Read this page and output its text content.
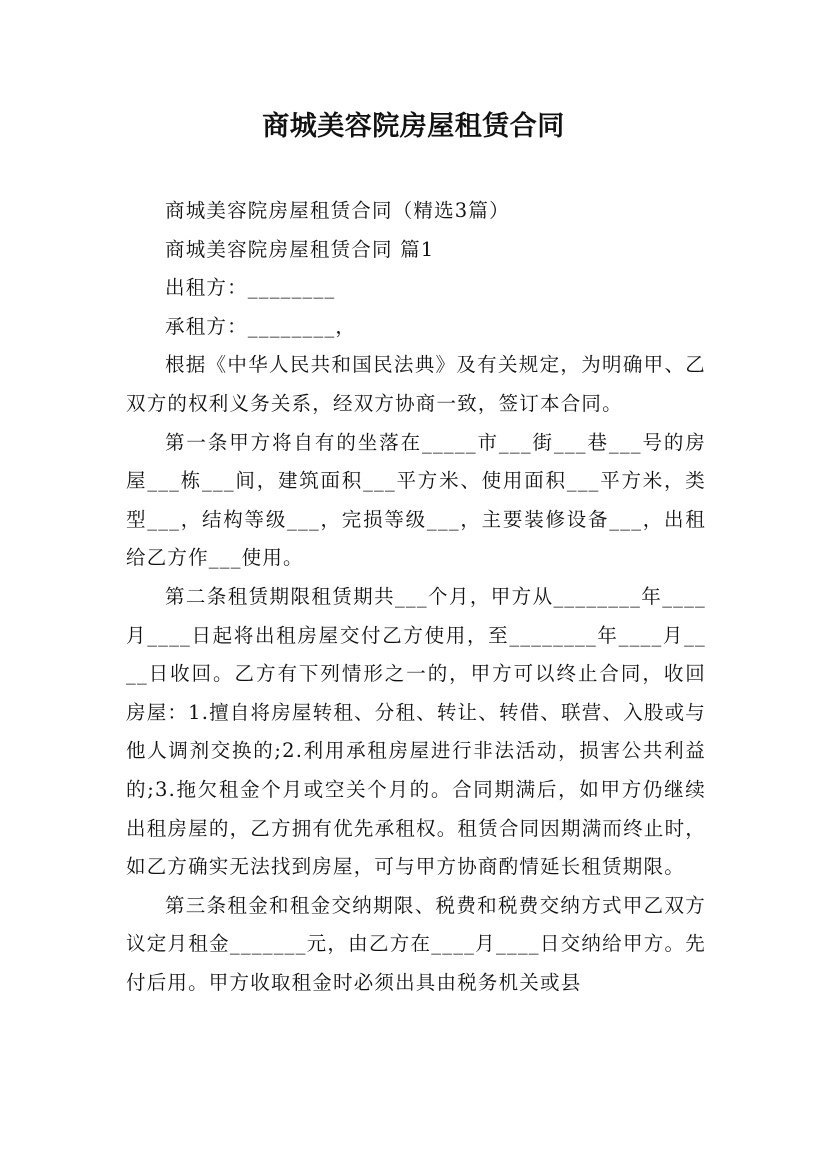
商城美容院房屋租赁合同

商城美容院房屋租赁合同（精选3篇）

商城美容院房屋租赁合同 篇1

出租方：________

承租方：________，

根据《中华人民共和国民法典》及有关规定，为明确甲、乙双方的权利义务关系，经双方协商一致，签订本合同。

第一条甲方将自有的坐落在_____市___街___巷___号的房屋___栋___间，建筑面积___平方米、使用面积___平方米，类型___，结构等级___，完损等级___，主要装修设备___，出租给乙方作___使用。

第二条租赁期限租赁期共___个月，甲方从________年____月____日起将出租房屋交付乙方使用，至________年____月____日收回。乙方有下列情形之一的，甲方可以终止合同，收回房屋：1.擅自将房屋转租、分租、转让、转借、联营、入股或与他人调剂交换的;2.利用承租房屋进行非法活动，损害公共利益的;3.拖欠租金个月或空关个月的。合同期满后，如甲方仍继续出租房屋的，乙方拥有优先承租权。租赁合同因期满而终止时，如乙方确实无法找到房屋，可与甲方协商酌情延长租赁期限。

第三条租金和租金交纳期限、税费和税费交纳方式甲乙双方议定月租金_______元，由乙方在____月____日交纳给甲方。先付后用。甲方收取租金时必须出具由税务机关或县
